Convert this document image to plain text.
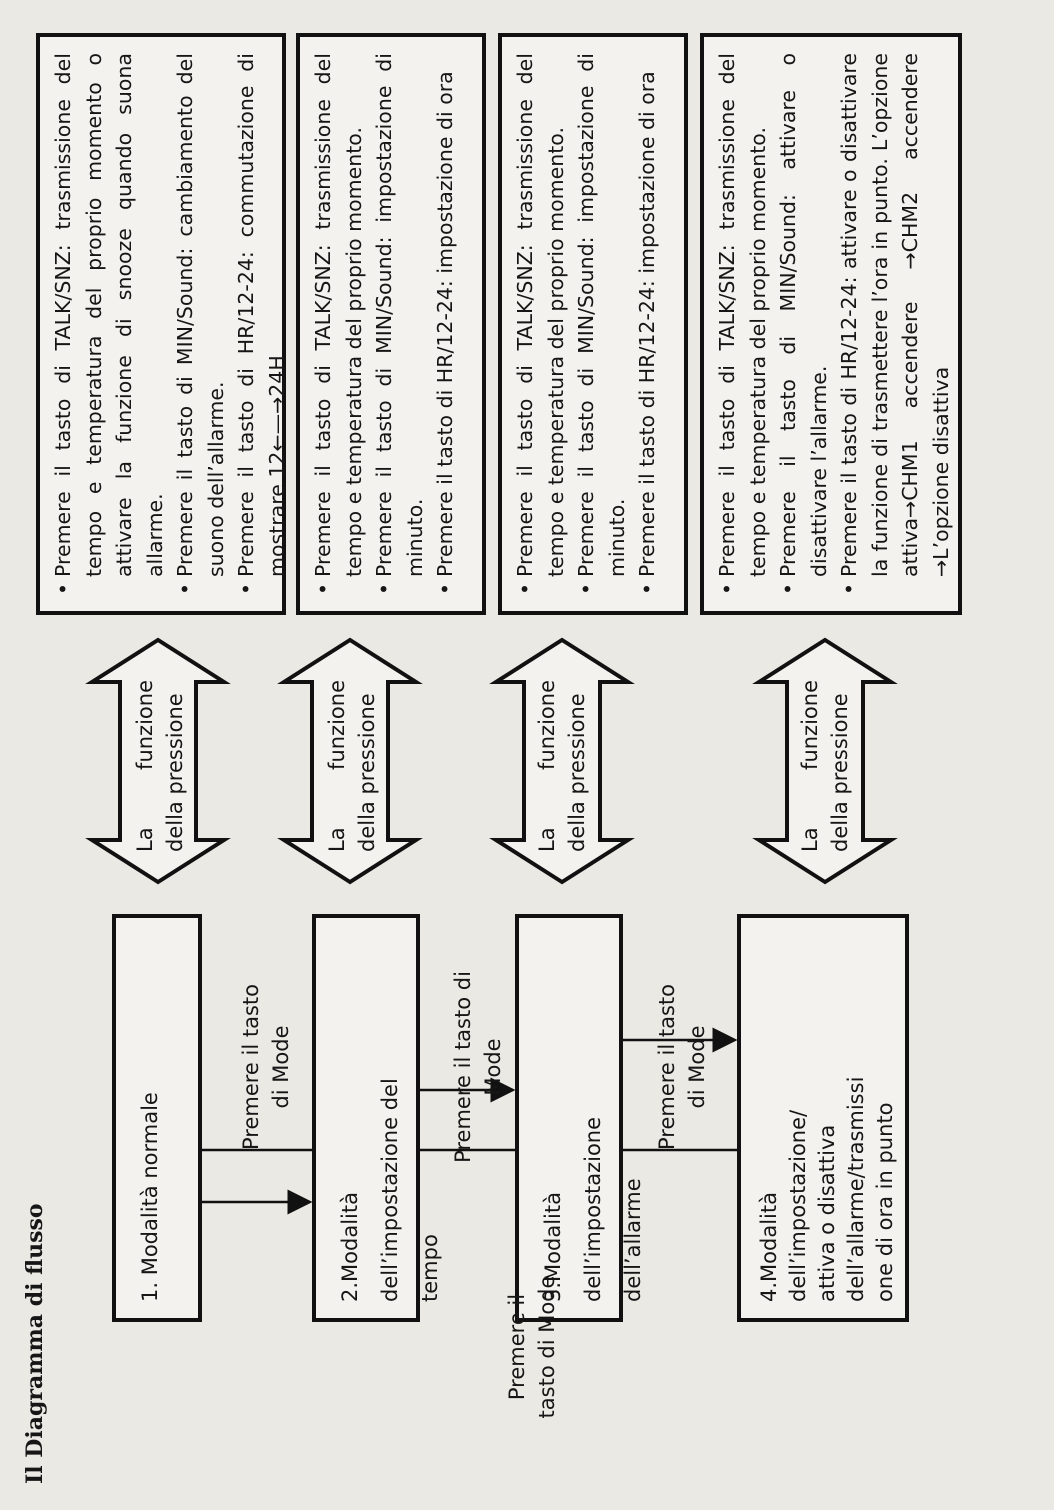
Il Diagramma di flusso
1. Modalità normale	2.Modalità dell’impostazione del tempo	3.Modalità dell’impostazione dell’allarme	4.Modalità dell’impostazione/ attiva o disattiva dell’allarme/trasmissi one di ora in punto
Premere il tasto di Mode	Premere il tasto di Mode	Premere il tasto di Mode
Premere il tasto di Mode
La
funzione della pressione	La
funzione della pressione	La
funzione della pressione	La
funzione della pressione
• Premere il tasto di TALK/SNZ: trasmissione del tempo e temperatura del proprio momento o attivare la funzione di snooze quando suona allarme. • Premere il tasto di MIN/Sound: cambiamento del suono dell’allarme. • Premere il tasto di HR/12-24: commutazione di mostrare 12←—→24H • Premere il tasto di TALK/SNZ: trasmissione del tempo e temperatura del proprio momento. • Premere il tasto di MIN/Sound: impostazione di minuto. • Premere il tasto di HR/12-24: impostazione di ora	• Premere il tasto di TALK/SNZ: trasmissione del tempo e temperatura del proprio momento. • Premere il tasto di MIN/Sound: impostazione di minuto. • Premere il tasto di HR/12-24: impostazione di ora	• Premere il tasto di TALK/SNZ: trasmissione del tempo e temperatura del proprio momento. • Premere il tasto di MIN/Sound: attivare o disattivare l’allarme. • Premere il tasto di HR/12-24: attivare o disattivare la funzione di trasmettere l’ora in punto. L’opzione attiva→CHM1 accendere →CHM2 accendere →L’opzione disattiva
